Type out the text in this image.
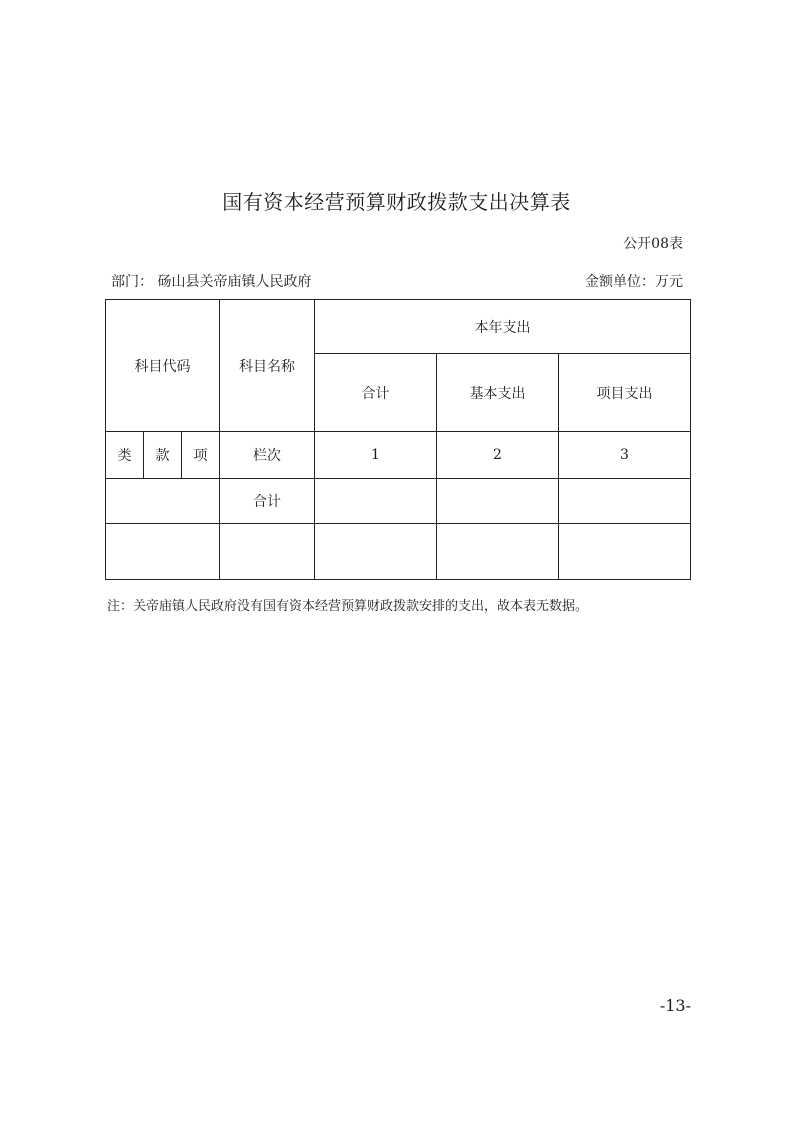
国有资本经营预算财政拨款支出决算表
公开08表
部门： 砀山县关帝庙镇人民政府	金额单位：万元
科目代码			科目名称	本年支出		
				合计	基本支出	项目支出
类	款	项	栏次	1	2	3
			合计			

注：关帝庙镇人民政府没有国有资本经营预算财政拨款安排的支出，故本表无数据。
-13-
